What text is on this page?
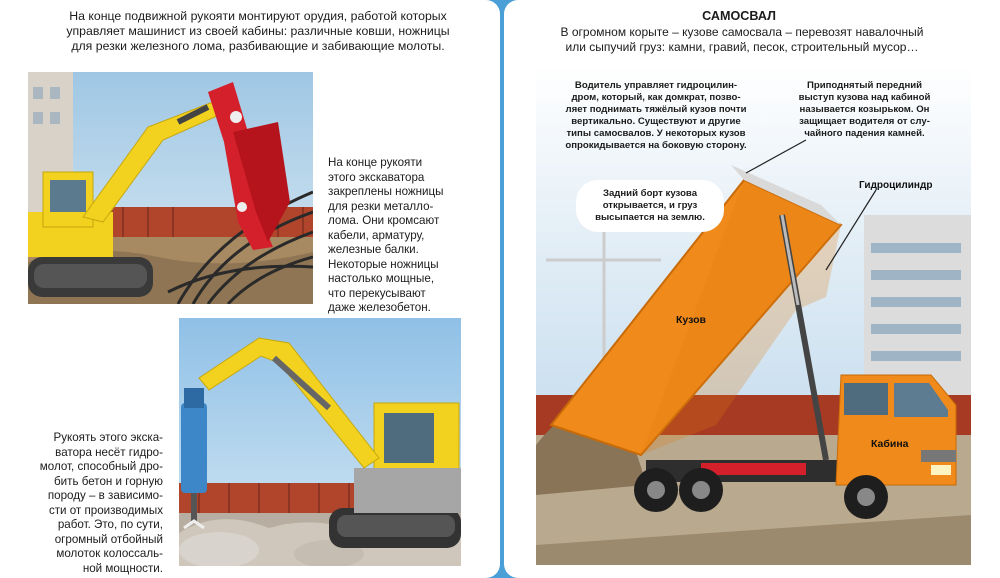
На конце подвижной рукояти монтируют орудия, работой которых
управляет машинист из своей кабины: различные ковши, ножницы
для резки железного лома, разбивающие и забивающие молоты.
На конце рукояти
этого экскаватора
закреплены ножницы
для резки металло-
лома. Они кромсают
кабели, арматуру,
железные балки.
Некоторые ножницы
настолько мощные,
что перекусывают
даже железобетон.
Рукоять этого экска-
ватора несёт гидро-
молот, способный дро-
бить бетон и горную
породу – в зависимо-
сти от производимых
работ. Это, по сути,
огромный отбойный
молоток колоссаль-
ной мощности.
САМОСВАЛ
В огромном корыте – кузове самосвала – перевозят навалочный
или сыпучий груз: камни, гравий, песок, строительный мусор…
Водитель управляет гидроцилин-
дром, который, как домкрат, позво-
ляет поднимать тяжёлый кузов почти
вертикально. Существуют и другие
типы самосвалов. У некоторых кузов
опрокидывается на боковую сторону.
Приподнятый передний
выступ кузова над кабиной
называется козырьком. Он
защищает водителя от слу-
чайного падения камней.
Задний борт кузова
открывается, и груз
высыпается на землю.
Гидроцилиндр
Кузов
Кабина
